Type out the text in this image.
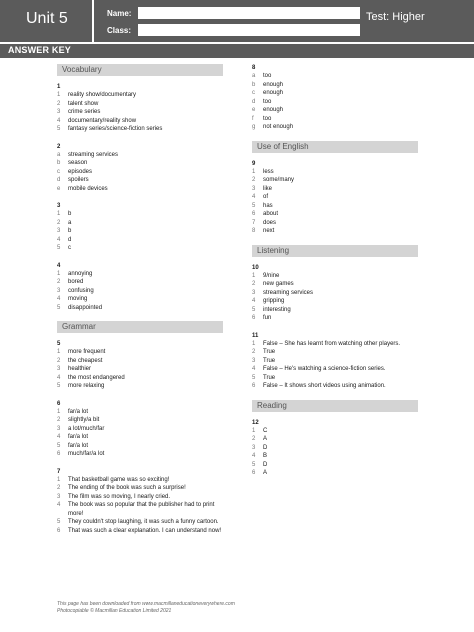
Unit 5	Name:
Class:
Test: Higher
ANSWER KEY
Vocabulary
1
1	reality show/documentary
2	talent show
3	crime series
4	documentary/reality show
5	fantasy series/science-fiction series
2
a	streaming services
b	season
c	episodes
d	spoilers
e	mobile devices
3
1	b
2	a
3	b
4	d
5	c
4
1	annoying
2	bored
3	confusing
4	moving
5	disappointed
Grammar
5
1	more frequent
2	the cheapest
3	healthier
4	the most endangered
5	more relaxing
6
1	far/a lot
2	slightly/a bit
3	a lot/much/far
4	far/a lot
5	far/a lot
6	much/far/a lot
7
1	That basketball game was so exciting!
2	The ending of the book was such a surprise!
3	The film was so moving, I nearly cried.
4	The book was so popular that the publisher had to print more!
5	They couldn't stop laughing, it was such a funny cartoon.
6	That was such a clear explanation. I can understand now!
8
a	too
b	enough
c	enough
d	too
e	enough
f	too
g	not enough
Use of English
9
1	less
2	some/many
3	like
4	of
5	has
6	about
7	does
8	next
Listening
10
1	9/nine
2	new games
3	streaming services
4	gripping
5	interesting
6	fun
11
1	False – She has learnt from watching other players.
2	True
3	True
4	False – He's watching a science-fiction series.
5	True
6	False – It shows short videos using animation.
Reading
12
1	C
2	A
3	D
4	B
5	D
6	A
This page has been downloaded from www.macmillaneducationeverywhere.com
Photocopiable © Macmillan Education Limited 2021
